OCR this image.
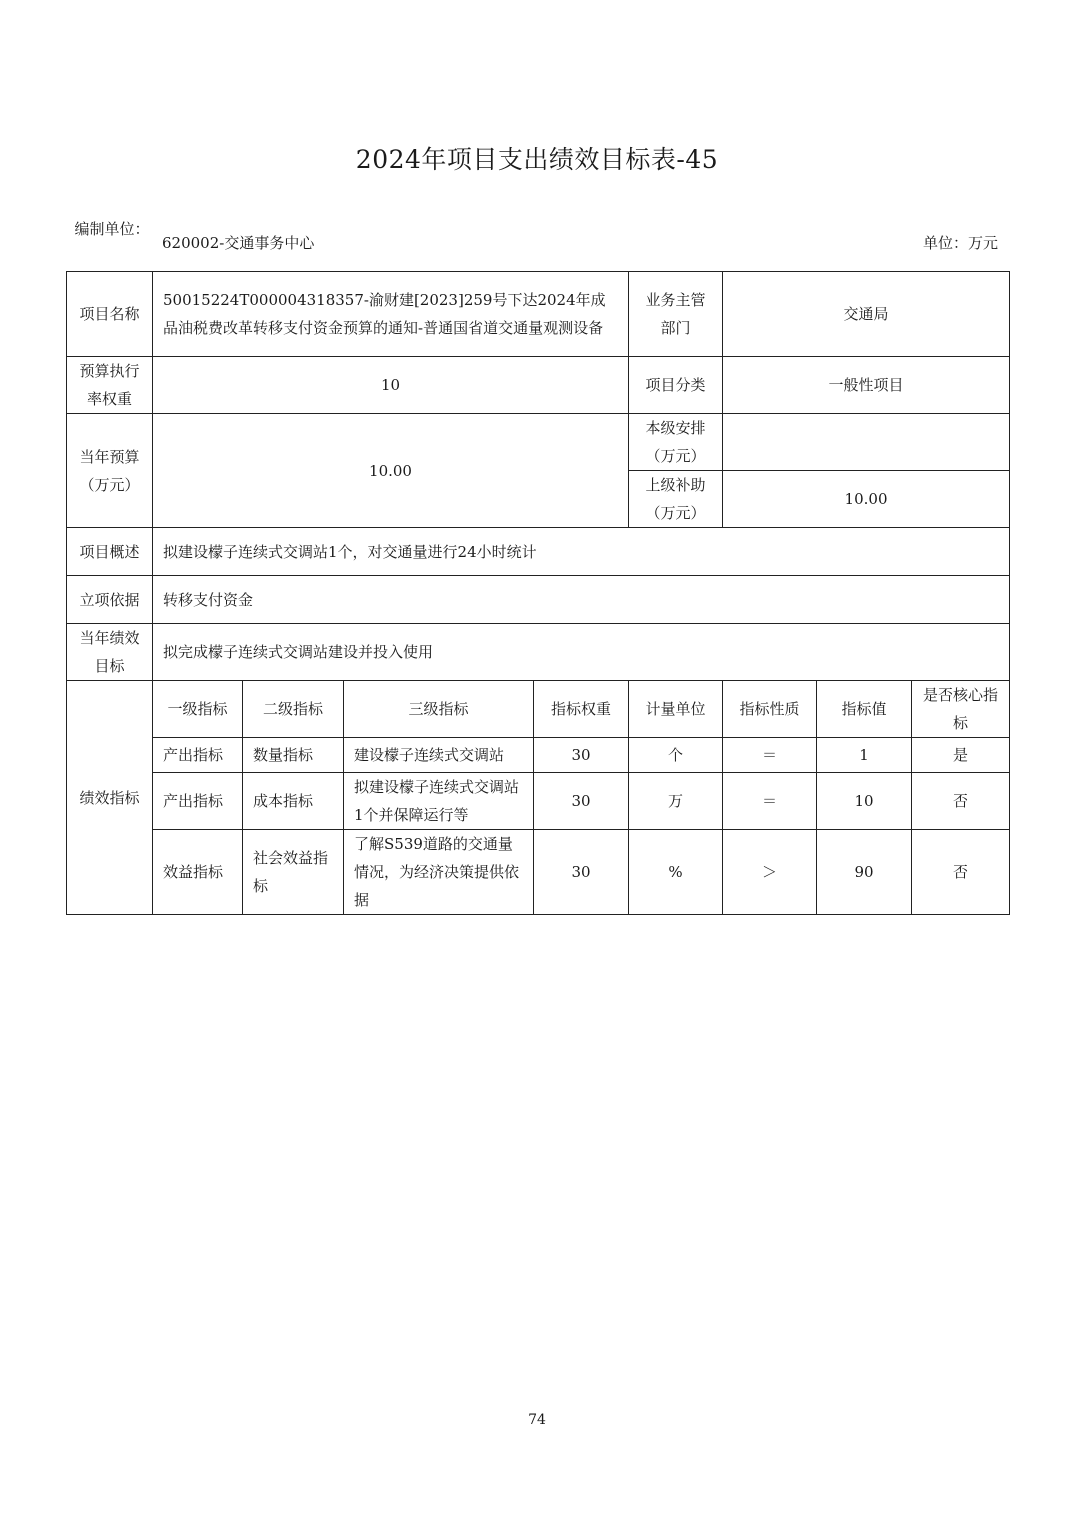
2024年项目支出绩效目标表-45
编制单位：
620002-交通事务中心	单位：万元
项目名称	50015224T000004318357-渝财建[2023]259号下达2024年成品油税费改革转移支付资金预算的通知-普通国省道交通量观测设备				业务主管部门	交通局		
预算执行率权重	10				项目分类	一般性项目		
当年预算（万元）	10.00				本级安排（万元）			
					上级补助（万元）	10.00		
项目概述	拟建设檬子连续式交调站1个，对交通量进行24小时统计							
立项依据	转移支付资金							
当年绩效目标	拟完成檬子连续式交调站建设并投入使用							
绩效指标	一级指标	二级指标	三级指标	指标权重	计量单位	指标性质	指标值	是否核心指标
	产出指标	数量指标	建设檬子连续式交调站	30	个	＝	1	是
	产出指标	成本指标	拟建设檬子连续式交调站1个并保障运行等	30	万	＝	10	否
	效益指标	社会效益指标	了解S539道路的交通量情况，为经济决策提供依据	30	%	＞	90	否
74
